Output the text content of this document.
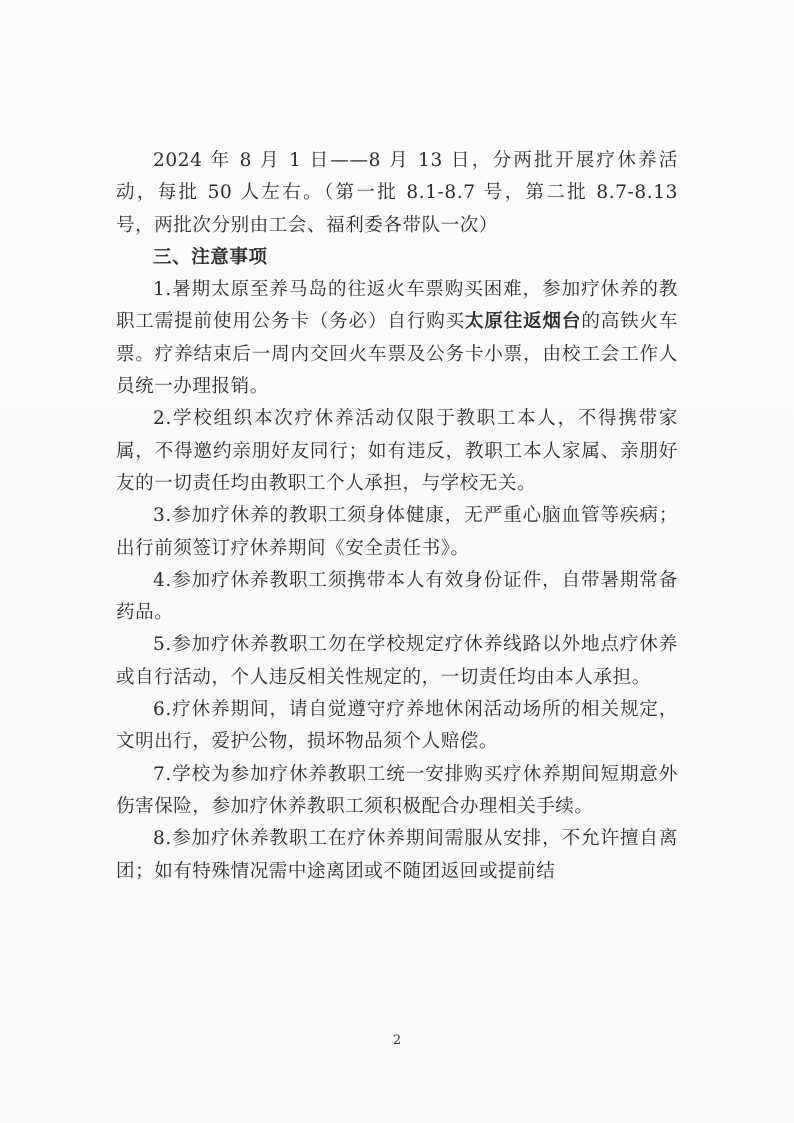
2024 年 8 月 1 日——8 月 13 日，分两批开展疗休养活动，每批 50 人左右。（第一批 8.1-8.7 号，第二批 8.7-8.13 号，两批次分别由工会、福利委各带队一次）

三、注意事项

1.暑期太原至养马岛的往返火车票购买困难，参加疗休养的教职工需提前使用公务卡（务必）自行购买太原往返烟台的高铁火车票。疗养结束后一周内交回火车票及公务卡小票，由校工会工作人员统一办理报销。

2.学校组织本次疗休养活动仅限于教职工本人，不得携带家属，不得邀约亲朋好友同行；如有违反，教职工本人家属、亲朋好友的一切责任均由教职工个人承担，与学校无关。

3.参加疗休养的教职工须身体健康，无严重心脑血管等疾病；出行前须签订疗休养期间《安全责任书》。

4.参加疗休养教职工须携带本人有效身份证件，自带暑期常备药品。

5.参加疗休养教职工勿在学校规定疗休养线路以外地点疗休养或自行活动，个人违反相关性规定的，一切责任均由本人承担。

6.疗休养期间，请自觉遵守疗养地休闲活动场所的相关规定，文明出行，爱护公物，损坏物品须个人赔偿。

7.学校为参加疗休养教职工统一安排购买疗休养期间短期意外伤害保险，参加疗休养教职工须积极配合办理相关手续。

8.参加疗休养教职工在疗休养期间需服从安排，不允许擅自离团；如有特殊情况需中途离团或不随团返回或提前结

2
